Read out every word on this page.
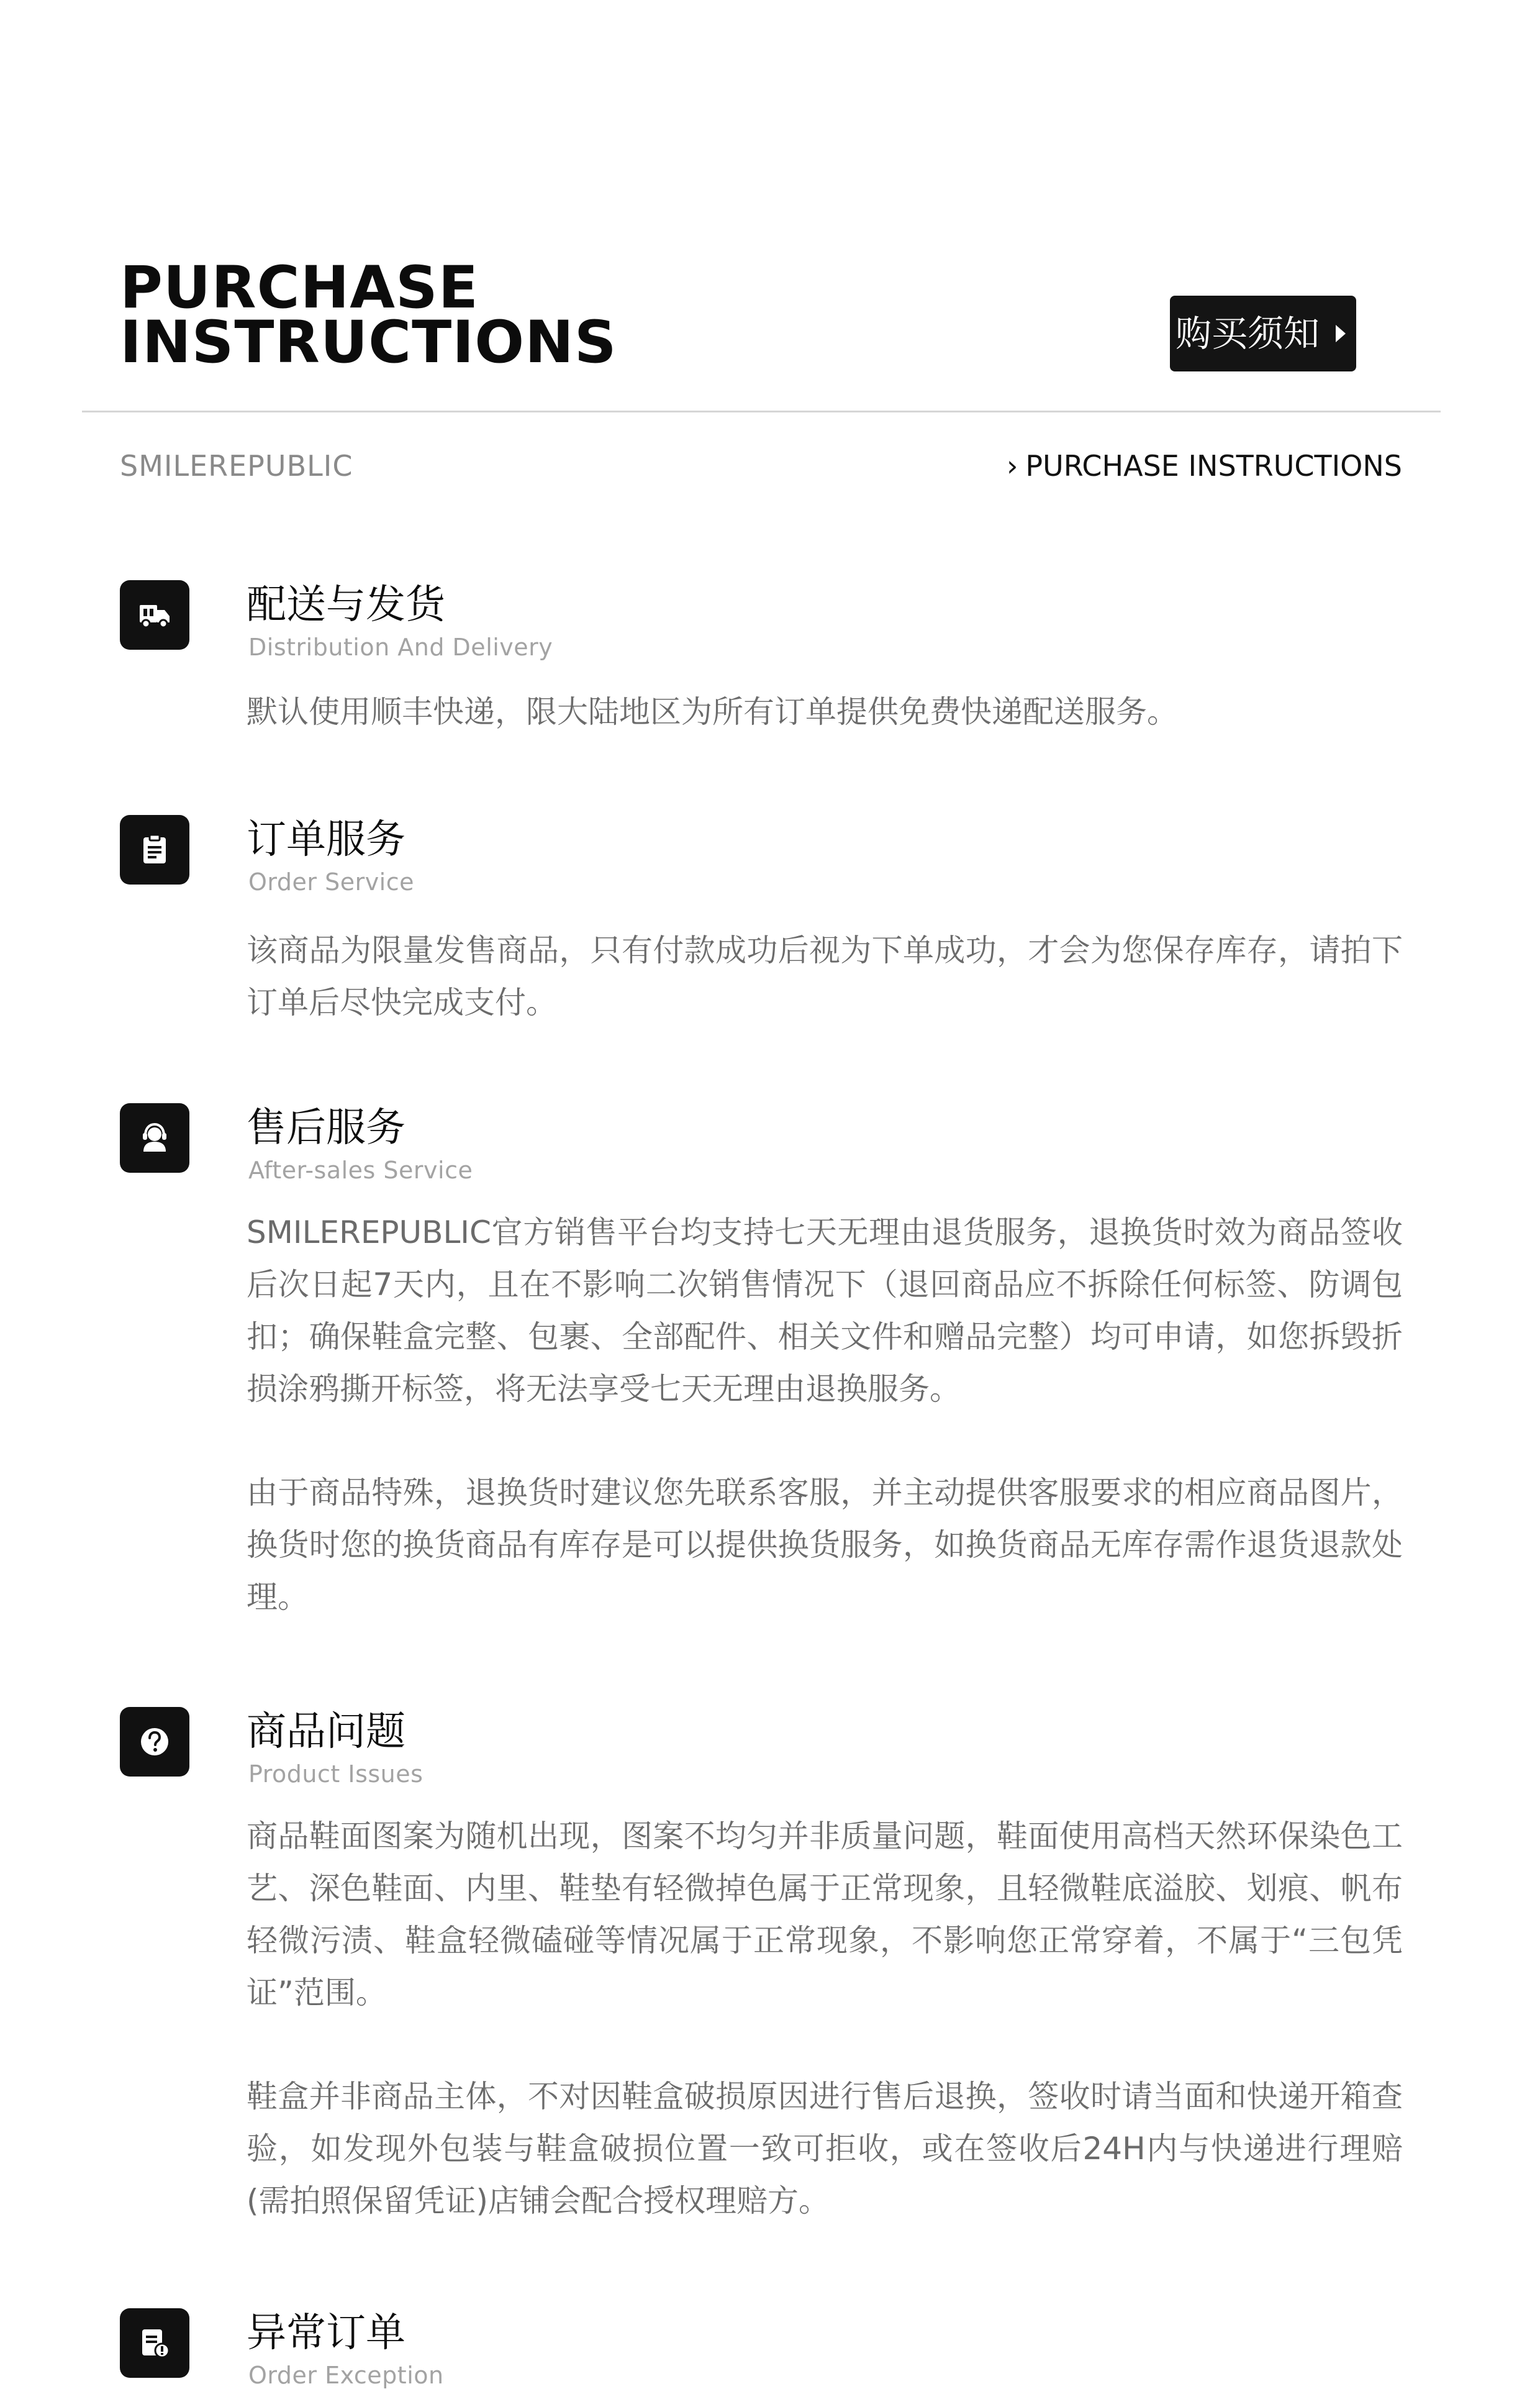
PURCHASE
INSTRUCTIONS	购买须知
SMILEREPUBLIC	› PURCHASE INSTRUCTIONS
配送与发货
Distribution And Delivery

默认使用顺丰快递，限大陆地区为所有订单提供免费快递配送服务。

订单服务
Order Service

该商品为限量发售商品，只有付款成功后视为下单成功，才会为您保存库存，请拍下订单后尽快完成支付。

售后服务
After-sales Service

SMILEREPUBLIC官方销售平台均支持七天无理由退货服务，退换货时效为商品签收后次日起7天内，且在不影响二次销售情况下（退回商品应不拆除任何标签、防调包扣；确保鞋盒完整、包裹、全部配件、相关文件和赠品完整）均可申请，如您拆毁折损涂鸦撕开标签，将无法享受七天无理由退换服务。

由于商品特殊，退换货时建议您先联系客服，并主动提供客服要求的相应商品图片，换货时您的换货商品有库存是可以提供换货服务，如换货商品无库存需作退货退款处理。

商品问题
Product Issues

商品鞋面图案为随机出现，图案不均匀并非质量问题，鞋面使用高档天然环保染色工艺、深色鞋面、内里、鞋垫有轻微掉色属于正常现象，且轻微鞋底溢胶、划痕、帆布轻微污渍、鞋盒轻微磕碰等情况属于正常现象，不影响您正常穿着，不属于“三包凭证”范围。

鞋盒并非商品主体，不对因鞋盒破损原因进行售后退换，签收时请当面和快递开箱查验，如发现外包装与鞋盒破损位置一致可拒收，或在签收后24H内与快递进行理赔(需拍照保留凭证)店铺会配合授权理赔方。

异常订单
Order Exception
